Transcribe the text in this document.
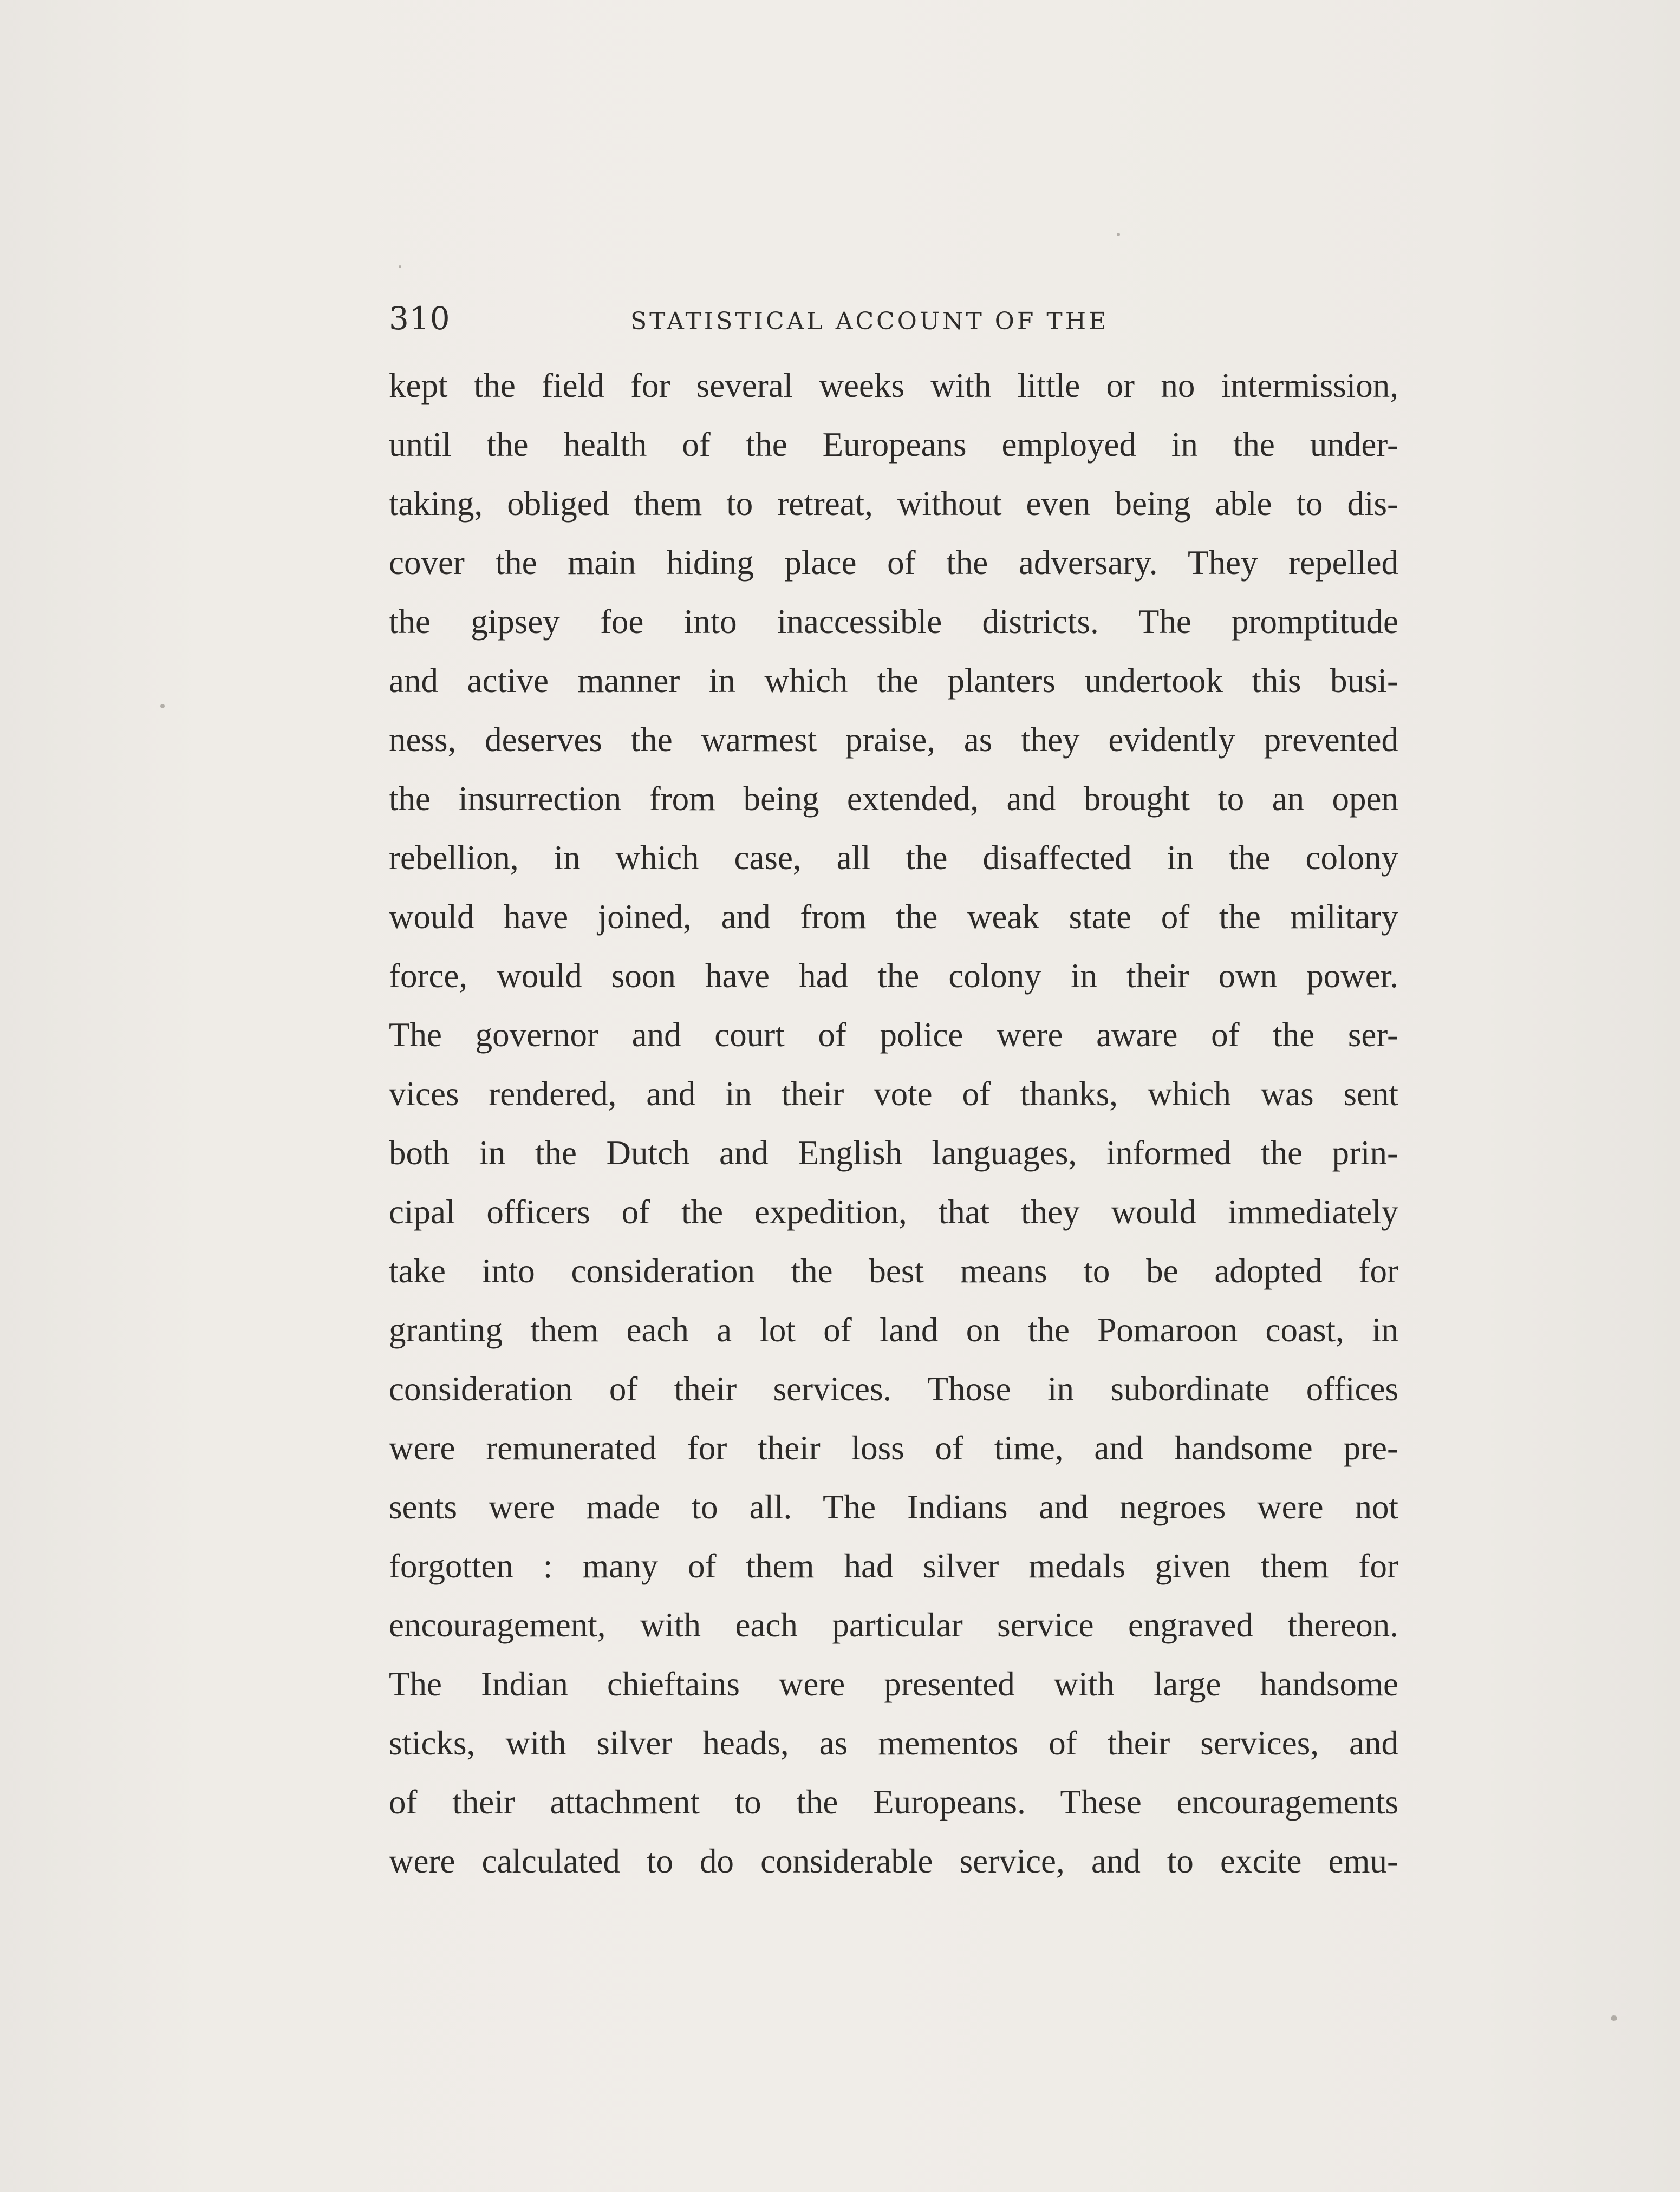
310	STATISTICAL ACCOUNT OF THE
kept the field for several weeks with little or no intermission,
until the health of the Europeans employed in the under-
taking, obliged them to retreat, without even being able to dis-
cover the main hiding place of the adversary. They repelled
the gipsey foe into inaccessible districts. The promptitude
and active manner in which the planters undertook this busi-
ness, deserves the warmest praise, as they evidently prevented
the insurrection from being extended, and brought to an open
rebellion, in which case, all the disaffected in the colony
would have joined, and from the weak state of the military
force, would soon have had the colony in their own power.
The governor and court of police were aware of the ser-
vices rendered, and in their vote of thanks, which was sent
both in the Dutch and English languages, informed the prin-
cipal officers of the expedition, that they would immediately
take into consideration the best means to be adopted for
granting them each a lot of land on the Pomaroon coast, in
consideration of their services. Those in subordinate offices
were remunerated for their loss of time, and handsome pre-
sents were made to all. The Indians and negroes were not
forgotten : many of them had silver medals given them for
encouragement, with each particular service engraved thereon.
The Indian chieftains were presented with large handsome
sticks, with silver heads, as mementos of their services, and
of their attachment to the Europeans. These encouragements
were calculated to do considerable service, and to excite emu-
